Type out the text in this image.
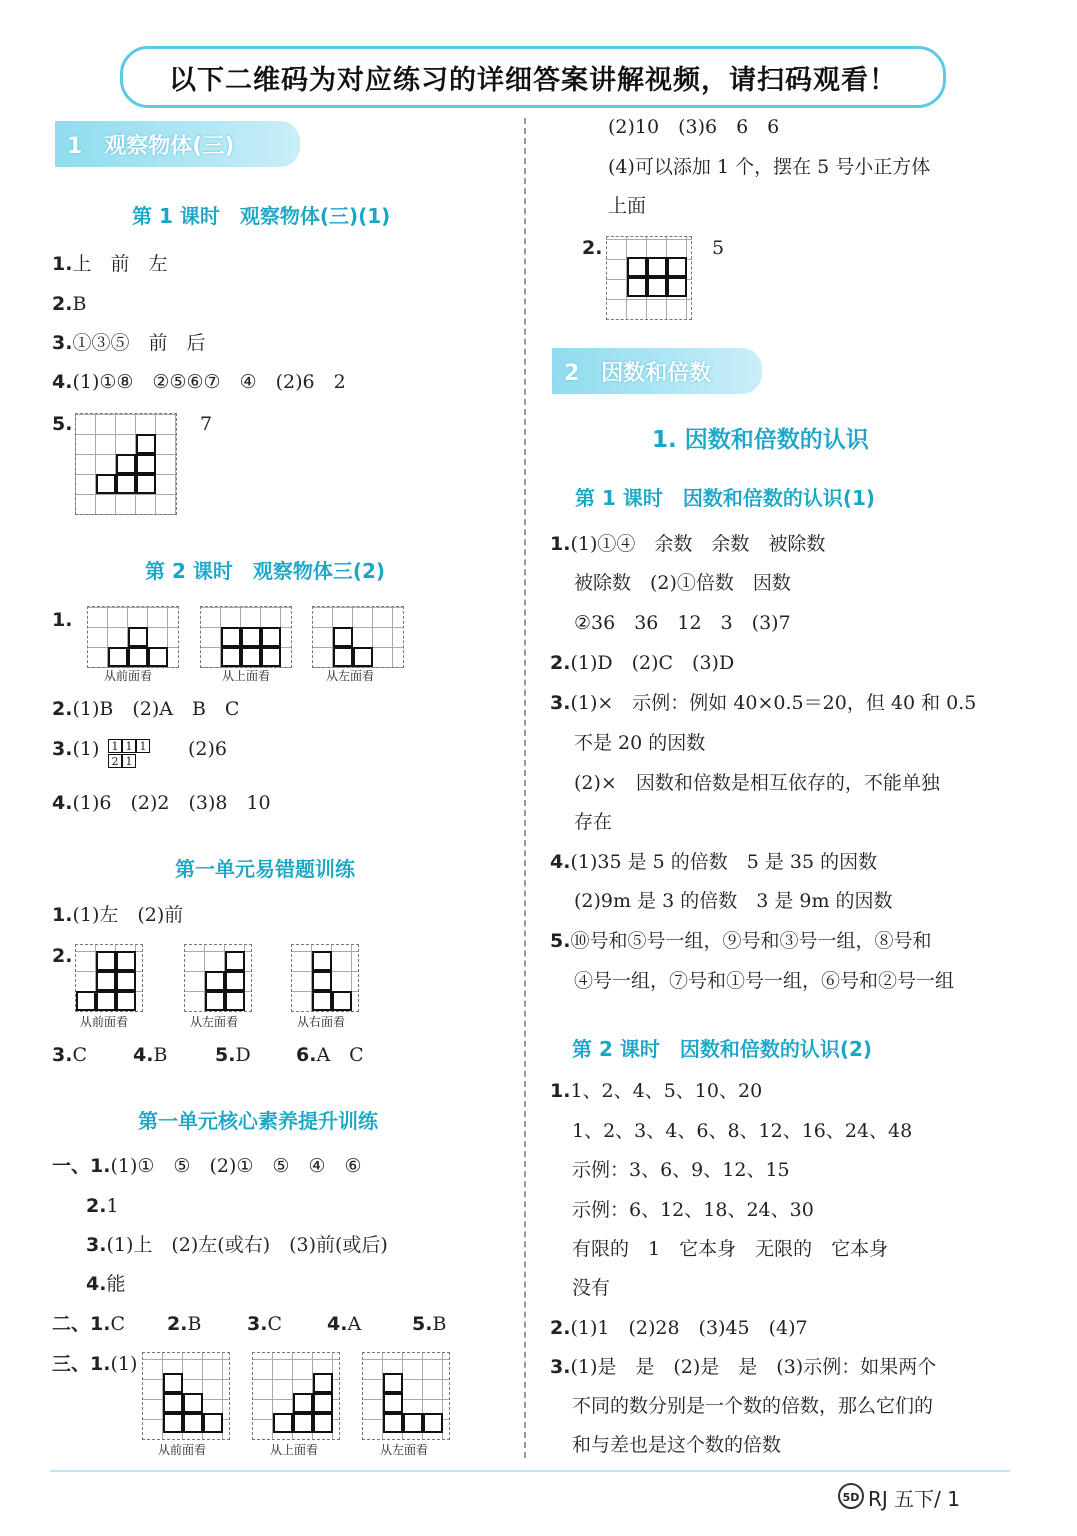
以下二维码为对应练习的详细答案讲解视频，请扫码观看！
1　观察物体(三)
第 1 课时　观察物体(三)(1)
1.上　前　左
2.B
3.①③⑤　前　后
4.(1)①⑧　②⑤⑥⑦　④　(2)6　2
5.	7
第 2 课时　观察物体三(2)
1.
从前面看	从上面看	从左面看
2.(1)B　(2)A　B　C
3.(1)	1 1 1
2 1
(2)6
4.(1)6　(2)2　(3)8　10
第一单元易错题训练
1.(1)左　(2)前
2.
从前面看	从左面看	从右面看
3.C 4.B	5.D 6.A　C
第一单元核心素养提升训练
一、1.(1)①　⑤　(2)①　⑤　④　⑥
2.1
3.(1)上　(2)左(或右)　(3)前(或后)
4.能
二、1.C 2.B 3.C 4.A	5.B
三、1.(1)
从前面看	从上面看	从左面看
(2)10　(3)6　6　6
(4)可以添加 1 个，摆在 5 号小正方体
上面
2.	5
2　因数和倍数
1. 因数和倍数的认识
第 1 课时　因数和倍数的认识(1)
1.(1)①④　余数　余数　被除数
被除数　(2)①倍数　因数
②36　36　12　3　(3)7
2.(1)D　(2)C　(3)D
3.(1)×　示例：例如 40×0.5＝20，但 40 和 0.5
不是 20 的因数
(2)×　因数和倍数是相互依存的，不能单独
存在
4.(1)35 是 5 的倍数　5 是 35 的因数
(2)9m 是 3 的倍数　3 是 9m 的因数
5.⑩号和⑤号一组，⑨号和③号一组，⑧号和
④号一组，⑦号和①号一组，⑥号和②号一组
第 2 课时　因数和倍数的认识(2)
1.1、2、4、5、10、20
1、2、3、4、6、8、12、16、24、48
示例：3、6、9、12、15
示例：6、12、18、24、30
有限的　1　它本身　无限的　它本身
没有
2.(1)1　(2)28　(3)45　(4)7
3.(1)是　是　(2)是　是　(3)示例：如果两个
不同的数分别是一个数的倍数，那么它们的
和与差也是这个数的倍数
5D RJ 五下/ 1
